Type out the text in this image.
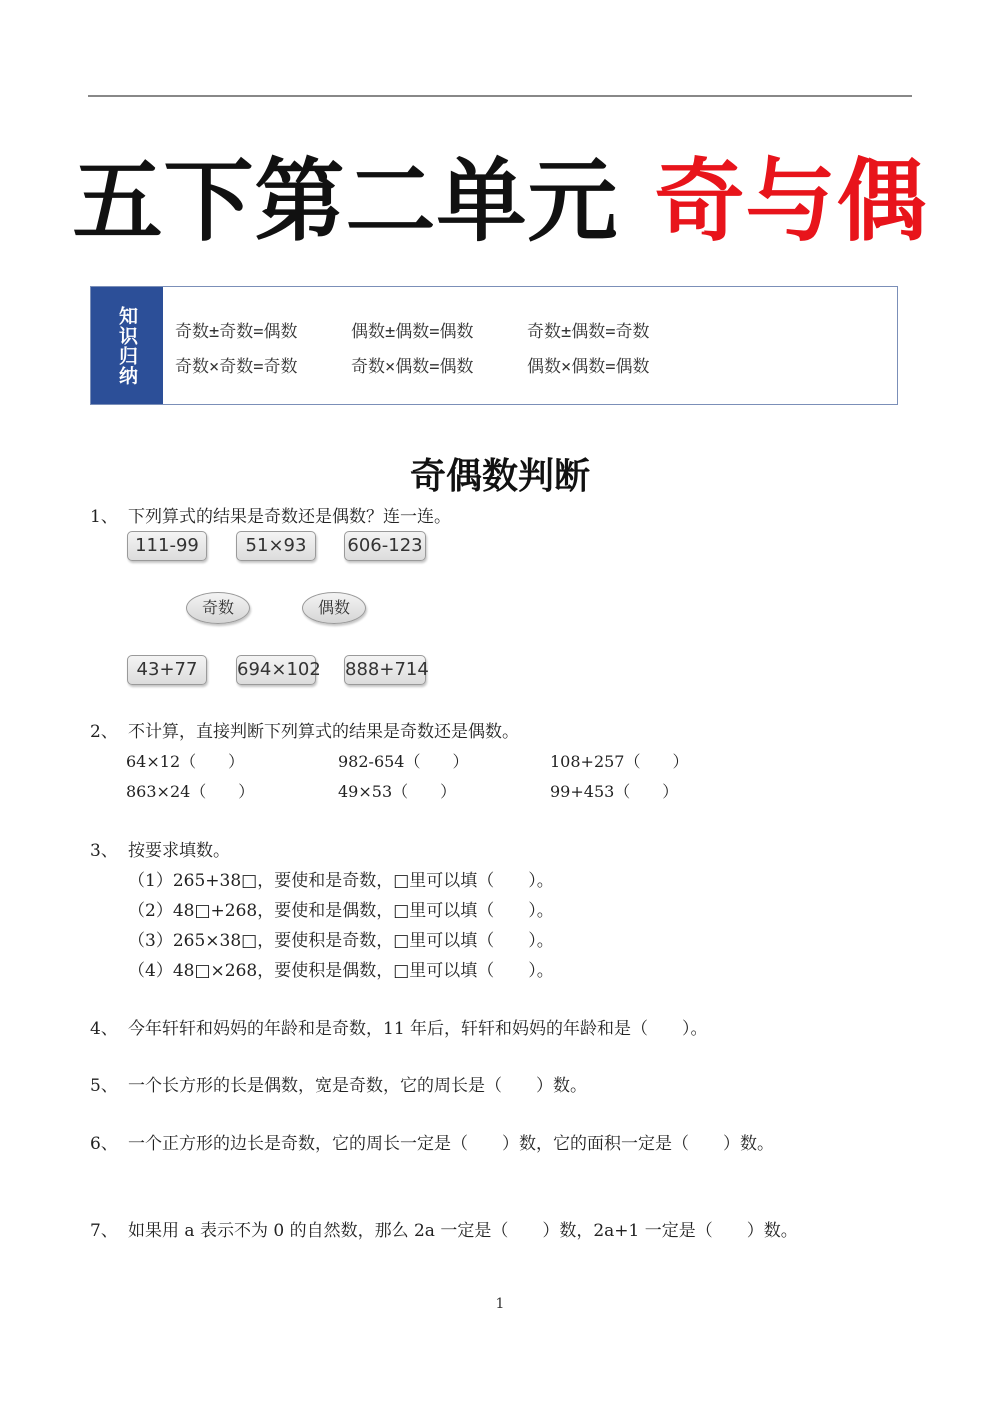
五下第二单元 奇与偶
知识归纳	奇数±奇数=偶数	偶数±偶数=偶数	奇数±偶数=奇数
奇数×奇数=奇数	奇数×偶数=偶数	偶数×偶数=偶数
奇偶数判断
1、 下列算式的结果是奇数还是偶数？连一连。
111-99	51×93	606-123
奇数	偶数
43+77	694×102 888+714
2、 不计算，直接判断下列算式的结果是奇数还是偶数。
64×12（　　）	982-654（　　）	108+257（　　）
863×24（　　）	49×53（　　）	99+453（　　）
3、 按要求填数。
（1）265+38□，要使和是奇数，□里可以填（　　）。
（2）48□+268，要使和是偶数，□里可以填（　　）。
（3）265×38□，要使积是奇数，□里可以填（　　）。
（4）48□×268，要使积是偶数，□里可以填（　　）。
4、 今年轩轩和妈妈的年龄和是奇数，11 年后，轩轩和妈妈的年龄和是（　　）。
5、 一个长方形的长是偶数，宽是奇数，它的周长是（　　）数。
6、 一个正方形的边长是奇数，它的周长一定是（　　）数，它的面积一定是（　　）数。
7、 如果用 a 表示不为 0 的自然数，那么 2a 一定是（　　）数，2a+1 一定是（　　）数。
1
